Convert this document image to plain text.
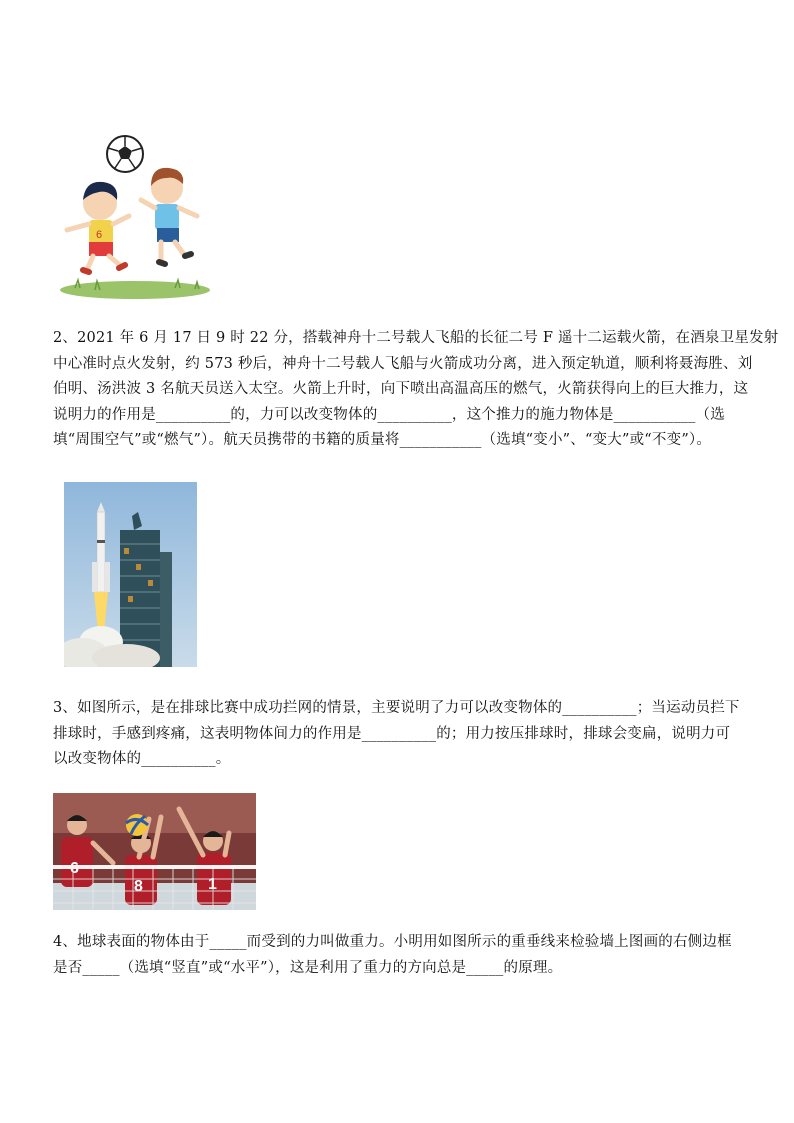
6

2、2021 年 6 月 17 日 9 时 22 分，搭载神舟十二号载人飞船的长征二号 F 遥十二运载火箭，在酒泉卫星发射

中心准时点火发射，约 573 秒后，神舟十二号载人飞船与火箭成功分离，进入预定轨道，顺利将聂海胜、刘

伯明、汤洪波 3 名航天员送入太空。火箭上升时，向下喷出高温高压的燃气，火箭获得向上的巨大推力，这

说明力的作用是__________的，力可以改变物体的__________，这个推力的施力物体是___________（选

填“周围空气”或“燃气”）。航天员携带的书籍的质量将___________（选填“变小”、“变大”或“不变”）。

3、如图所示，是在排球比赛中成功拦网的情景，主要说明了力可以改变物体的__________；当运动员拦下

排球时，手感到疼痛，这表明物体间力的作用是__________的；用力按压排球时，排球会变扁，说明力可

以改变物体的__________。

8	1

4、地球表面的物体由于_____而受到的力叫做重力。小明用如图所示的重垂线来检验墙上图画的右侧边框

是否_____（选填“竖直”或“水平”），这是利用了重力的方向总是_____的原理。
